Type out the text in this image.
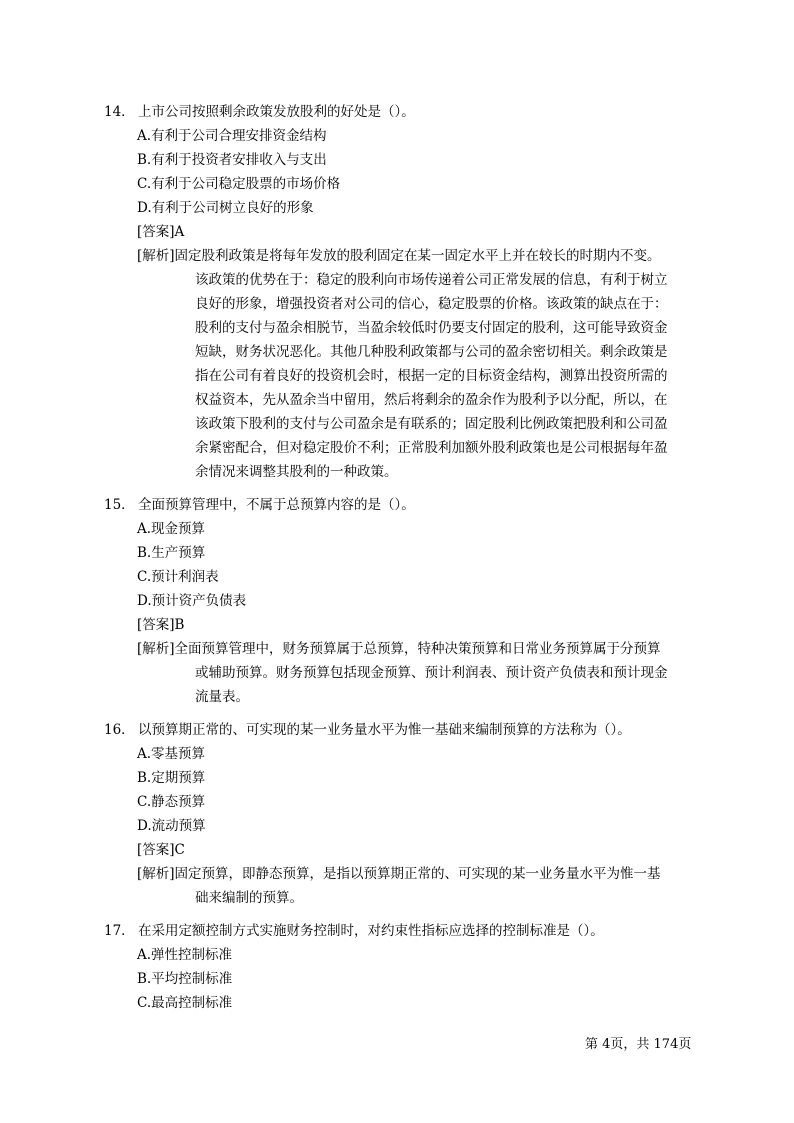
14． 上市公司按照剩余政策发放股利的好处是（）。
A.有利于公司合理安排资金结构
B.有利于投资者安排收入与支出
C.有利于公司稳定股票的市场价格
D.有利于公司树立良好的形象
[答案]A
[解析]固定股利政策是将每年发放的股利固定在某一固定水平上并在较长的时期内不变。
该政策的优势在于：稳定的股利向市场传递着公司正常发展的信息，有利于树立
良好的形象，增强投资者对公司的信心，稳定股票的价格。该政策的缺点在于：
股利的支付与盈余相脱节，当盈余较低时仍要支付固定的股利，这可能导致资金
短缺，财务状况恶化。其他几种股利政策都与公司的盈余密切相关。剩余政策是
指在公司有着良好的投资机会时，根据一定的目标资金结构，测算出投资所需的
权益资本，先从盈余当中留用，然后将剩余的盈余作为股利予以分配，所以，在
该政策下股利的支付与公司盈余是有联系的；固定股利比例政策把股利和公司盈
余紧密配合，但对稳定股价不利；正常股利加额外股利政策也是公司根据每年盈
余情况来调整其股利的一种政策。
15． 全面预算管理中，不属于总预算内容的是（）。
A.现金预算
B.生产预算
C.预计利润表
D.预计资产负债表
[答案]B
[解析]全面预算管理中，财务预算属于总预算，特种决策预算和日常业务预算属于分预算
或辅助预算。财务预算包括现金预算、预计利润表、预计资产负债表和预计现金
流量表。
16． 以预算期正常的、可实现的某一业务量水平为惟一基础来编制预算的方法称为（）。
A.零基预算
B.定期预算
C.静态预算
D.流动预算
[答案]C
[解析]固定预算，即静态预算，是指以预算期正常的、可实现的某一业务量水平为惟一基
础来编制的预算。
17． 在采用定额控制方式实施财务控制时，对约束性指标应选择的控制标准是（）。
A.弹性控制标准
B.平均控制标准
C.最高控制标准
第 4页，共 174页
